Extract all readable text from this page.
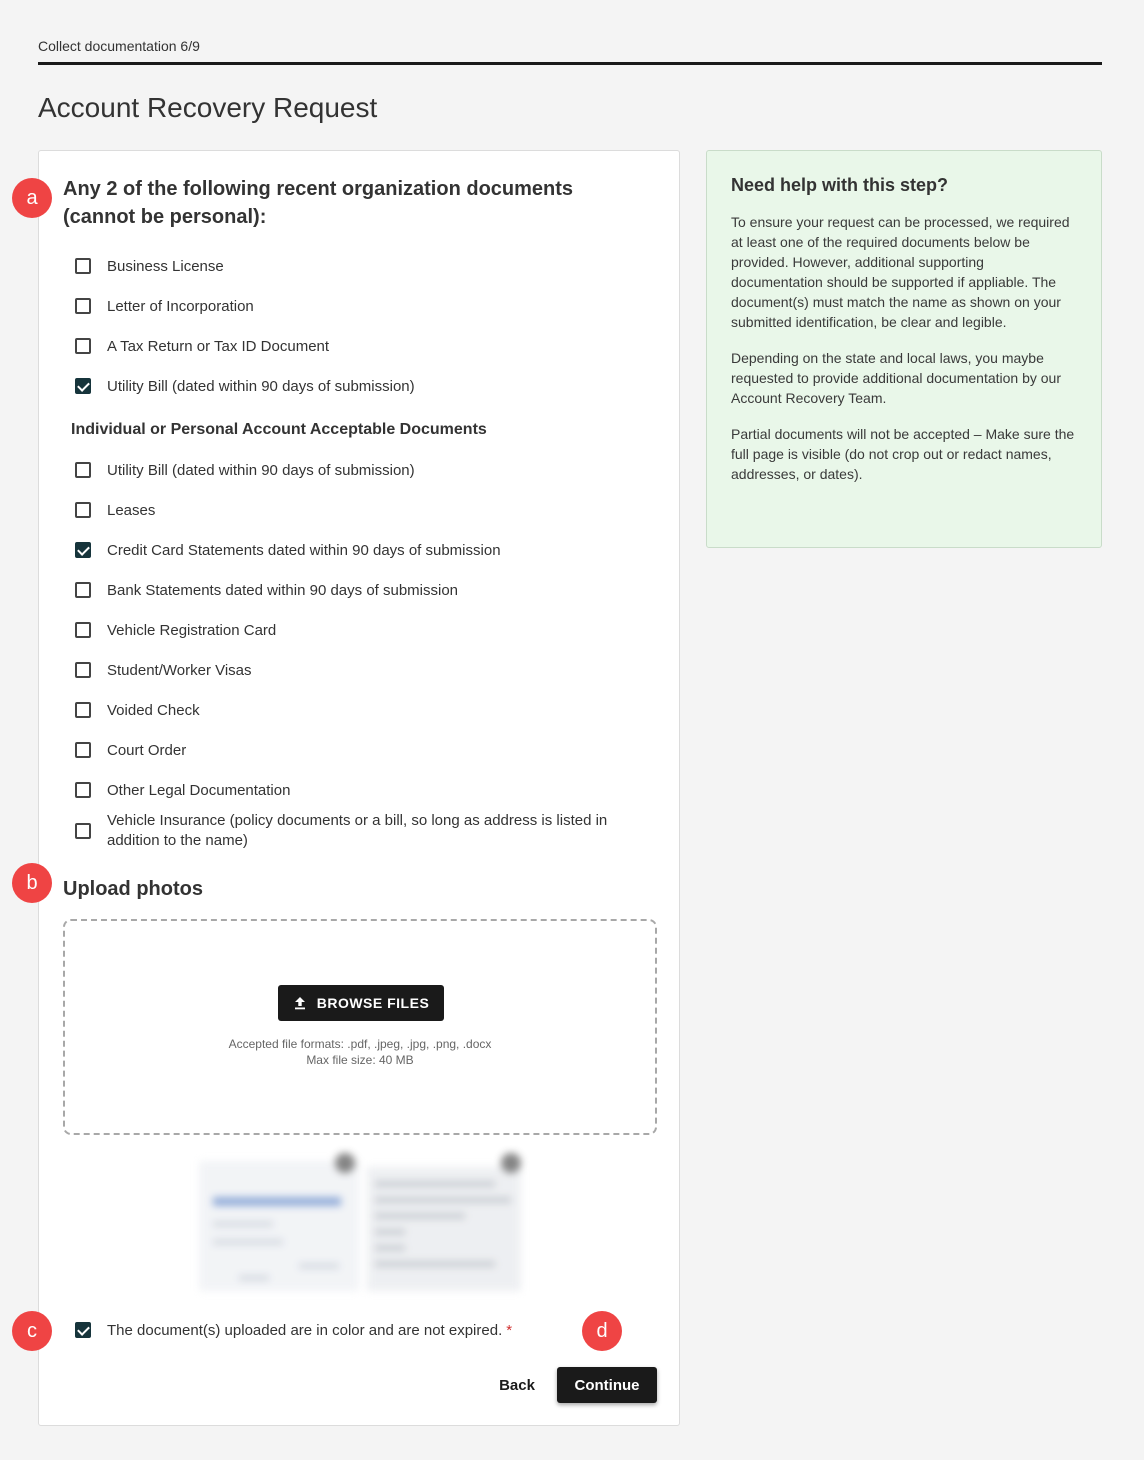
Collect documentation 6/9
Account Recovery Request
Any 2 of the following recent organization documents (cannot be personal):
Business License
Letter of Incorporation
A Tax Return or Tax ID Document
Utility Bill (dated within 90 days of submission)
Individual or Personal Account Acceptable Documents
Utility Bill (dated within 90 days of submission)
Leases
Credit Card Statements dated within 90 days of submission
Bank Statements dated within 90 days of submission
Vehicle Registration Card
Student/Worker Visas
Voided Check
Court Order
Other Legal Documentation
Vehicle Insurance (policy documents or a bill, so long as address is listed in addition to the name)
Upload photos
BROWSE FILES
Accepted file formats: .pdf, .jpeg, .jpg, .png, .docx
Max file size: 40 MB
The document(s) uploaded are in color and are not expired. *
Back	Continue
Need help with this step?

To ensure your request can be processed, we required at least one of the required documents below be provided. However, additional supporting documentation should be supported if appliable. The document(s) must match the name as shown on your submitted identification, be clear and legible.

Depending on the state and local laws, you maybe requested to provide additional documentation by our Account Recovery Team.

Partial documents will not be accepted – Make sure the full page is visible (do not crop out or redact names, addresses, or dates).

a
b
c	d
